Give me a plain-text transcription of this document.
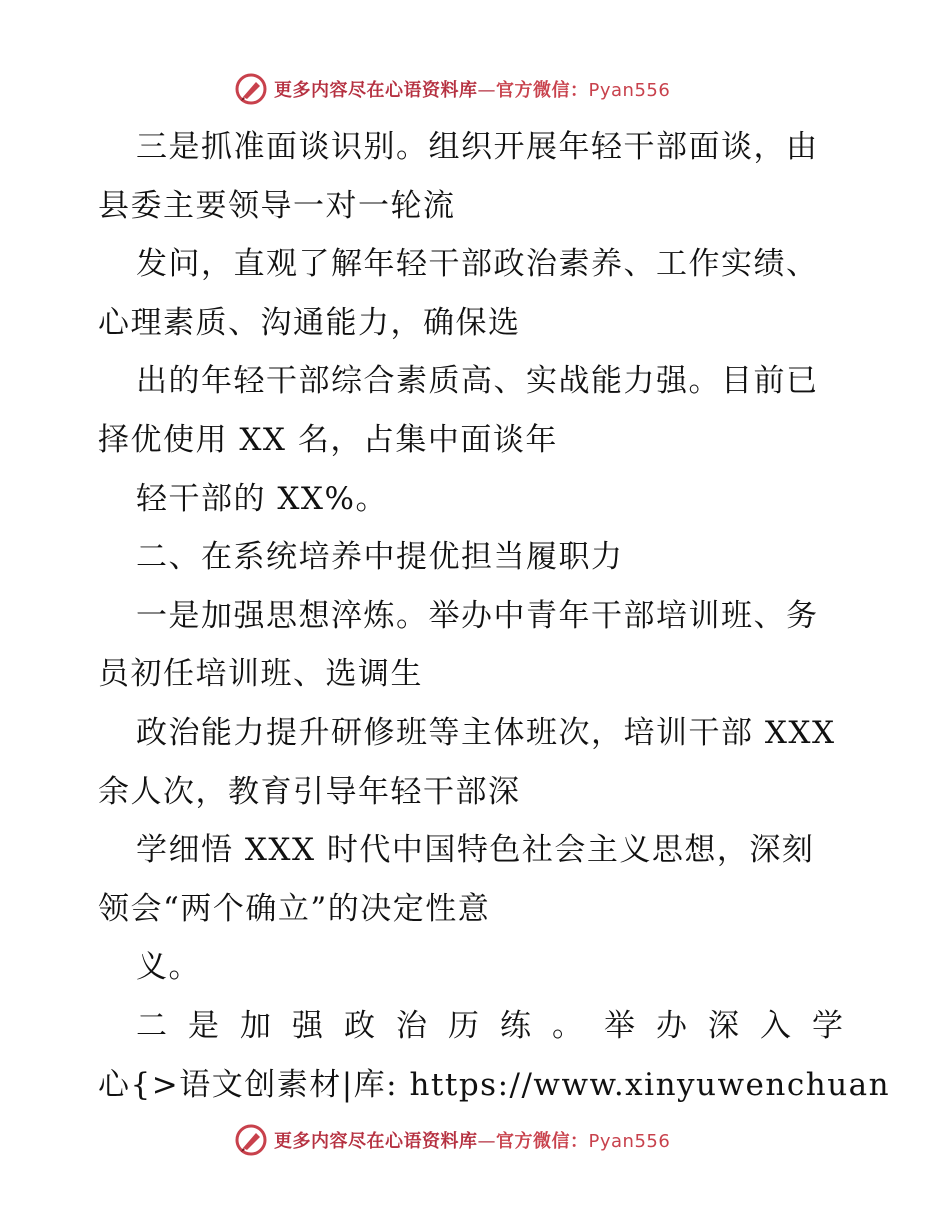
更多内容尽在心语资料库—官方微信：Pyan556
三是抓准面谈识别。组织开展年轻干部面谈，由
县委主要领导一对一轮流
发问，直观了解年轻干部政治素养、工作实绩、
心理素质、沟通能力，确保选
出的年轻干部综合素质高、实战能力强。目前已
择优使用 XX 名，占集中面谈年
轻干部的 XX%。
二、在系统培养中提优担当履职力
一是加强思想淬炼。举办中青年干部培训班、务
员初任培训班、选调生
政治能力提升研修班等主体班次，培训干部 XXX
余人次，教育引导年轻干部深
学细悟 XXX 时代中国特色社会主义思想，深刻
领会“两个确立”的决定性意
义。
二是加强政治历练。举办深入学
心{>语文创素材|库: https://www.xinyuwenchuan
更多内容尽在心语资料库—官方微信：Pyan556
